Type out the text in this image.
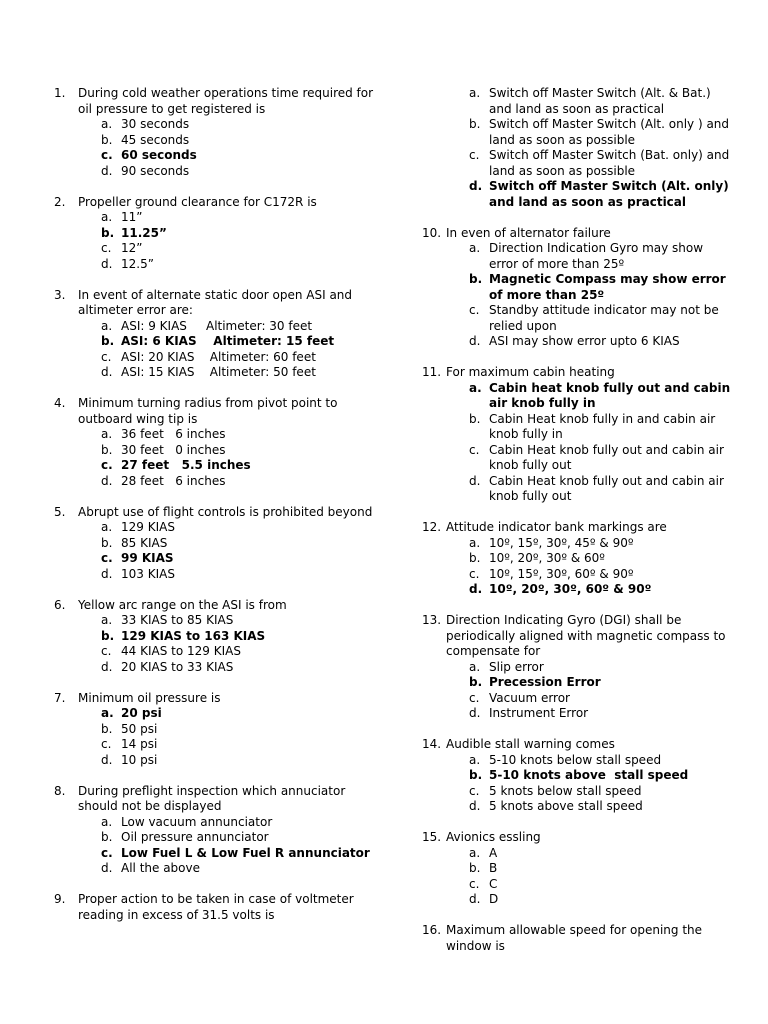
1.	During cold weather operations time required for oil pressure to get registered is
a. 30 seconds
b. 45 seconds
c. 60 seconds
d. 90 seconds
2.	Propeller ground clearance for C172R is
a. 11”
b. 11.25”
c. 12”
d. 12.5”
3.	In event of alternate static door open ASI and altimeter error are:
a. ASI: 9 KIAS     Altimeter: 30 feet
b. ASI: 6 KIAS    Altimeter: 15 feet
c. ASI: 20 KIAS    Altimeter: 60 feet
d. ASI: 15 KIAS    Altimeter: 50 feet
4.	Minimum turning radius from pivot point to outboard wing tip is
a. 36 feet   6 inches
b. 30 feet   0 inches
c. 27 feet   5.5 inches
d. 28 feet   6 inches
5.	Abrupt use of flight controls is prohibited beyond
a. 129 KIAS
b. 85 KIAS
c. 99 KIAS
d. 103 KIAS
6.	Yellow arc range on the ASI is from
a. 33 KIAS to 85 KIAS
b. 129 KIAS to 163 KIAS
c. 44 KIAS to 129 KIAS
d. 20 KIAS to 33 KIAS
7.	Minimum oil pressure is
a. 20 psi
b. 50 psi
c. 14 psi
d. 10 psi
8.	During preflight inspection which annuciator should not be displayed
a. Low vacuum annunciator
b. Oil pressure annunciator
c. Low Fuel L & Low Fuel R annunciator
d. All the above
9.	Proper action to be taken in case of voltmeter reading in excess of 31.5 volts is
a. Switch off Master Switch (Alt. & Bat.) and land as soon as practical
b. Switch off Master Switch (Alt. only ) and land as soon as possible
c. Switch off Master Switch (Bat. only) and land as soon as possible
d. Switch off Master Switch (Alt. only) and land as soon as practical
10. In even of alternator failure
a. Direction Indication Gyro may show error of more than 25º
b. Magnetic Compass may show error of more than 25º
c. Standby attitude indicator may not be relied upon
d. ASI may show error upto 6 KIAS
11. For maximum cabin heating
a. Cabin heat knob fully out and cabin air knob fully in
b. Cabin Heat knob fully in and cabin air knob fully in
c. Cabin Heat knob fully out and cabin air knob fully out
d. Cabin Heat knob fully out and cabin air knob fully out
12. Attitude indicator bank markings are
a. 10º, 15º, 30º, 45º & 90º
b. 10º, 20º, 30º & 60º
c. 10º, 15º, 30º, 60º & 90º
d. 10º, 20º, 30º, 60º & 90º
13. Direction Indicating Gyro (DGI) shall be periodically aligned with magnetic compass to compensate for
a. Slip error
b. Precession Error
c. Vacuum error
d. Instrument Error
14. Audible stall warning comes
a. 5-10 knots below stall speed
b. 5-10 knots above  stall speed
c. 5 knots below stall speed
d. 5 knots above stall speed
15. Avionics essling
a. A
b. B
c. C
d. D
16. Maximum allowable speed for opening the window is
